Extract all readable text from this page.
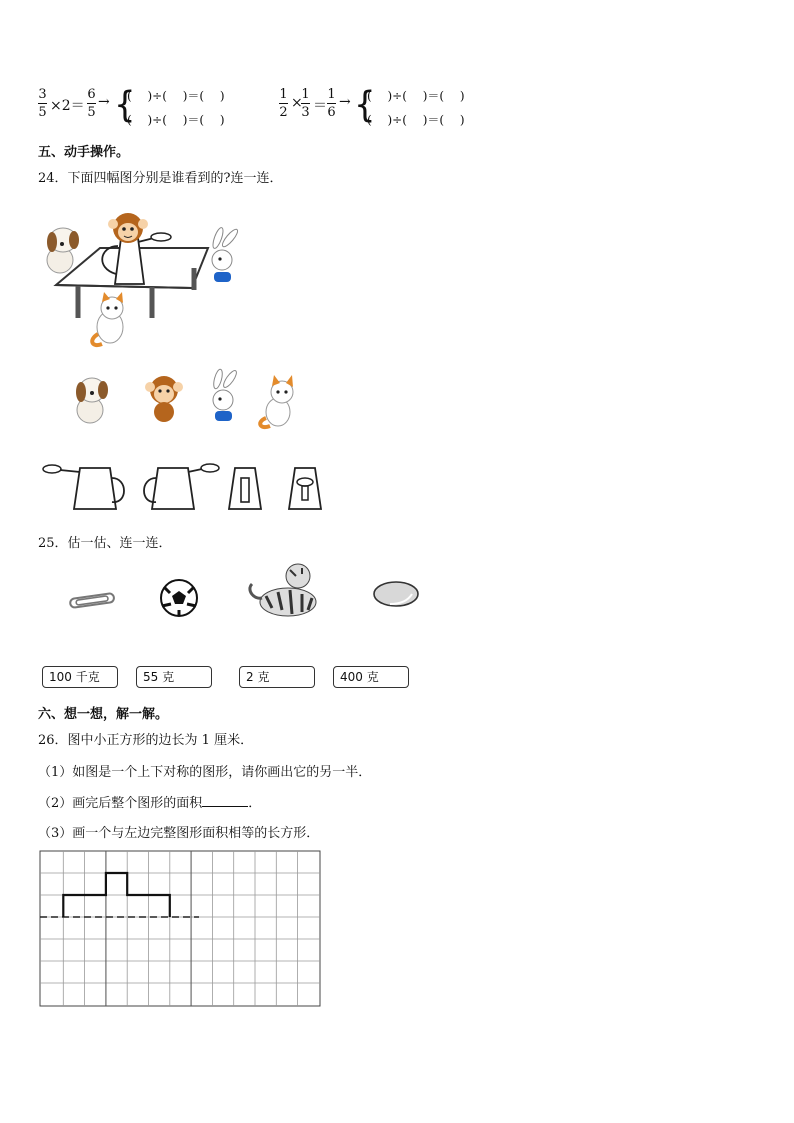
3
5 ×2＝
6
5
→ {
(　 )÷(　 )＝(　 )
(　 )÷(　 )＝(　 )
1
2
×
1
3 ＝
1
6
→ {
(　 )÷(　 )＝(　 )
(　 )÷(　 )＝(　 )
五、动手操作。
24．下面四幅图分别是谁看到的?连一连．
25．估一估、连一连．
100 千克	55 克	2 克	400 克
六、想一想，解一解。
26．图中小正方形的边长为 1 厘米．
（1）如图是一个上下对称的图形，请你画出它的另一半．
（2）画完后整个图形的面积	．
（3）画一个与左边完整图形面积相等的长方形．
